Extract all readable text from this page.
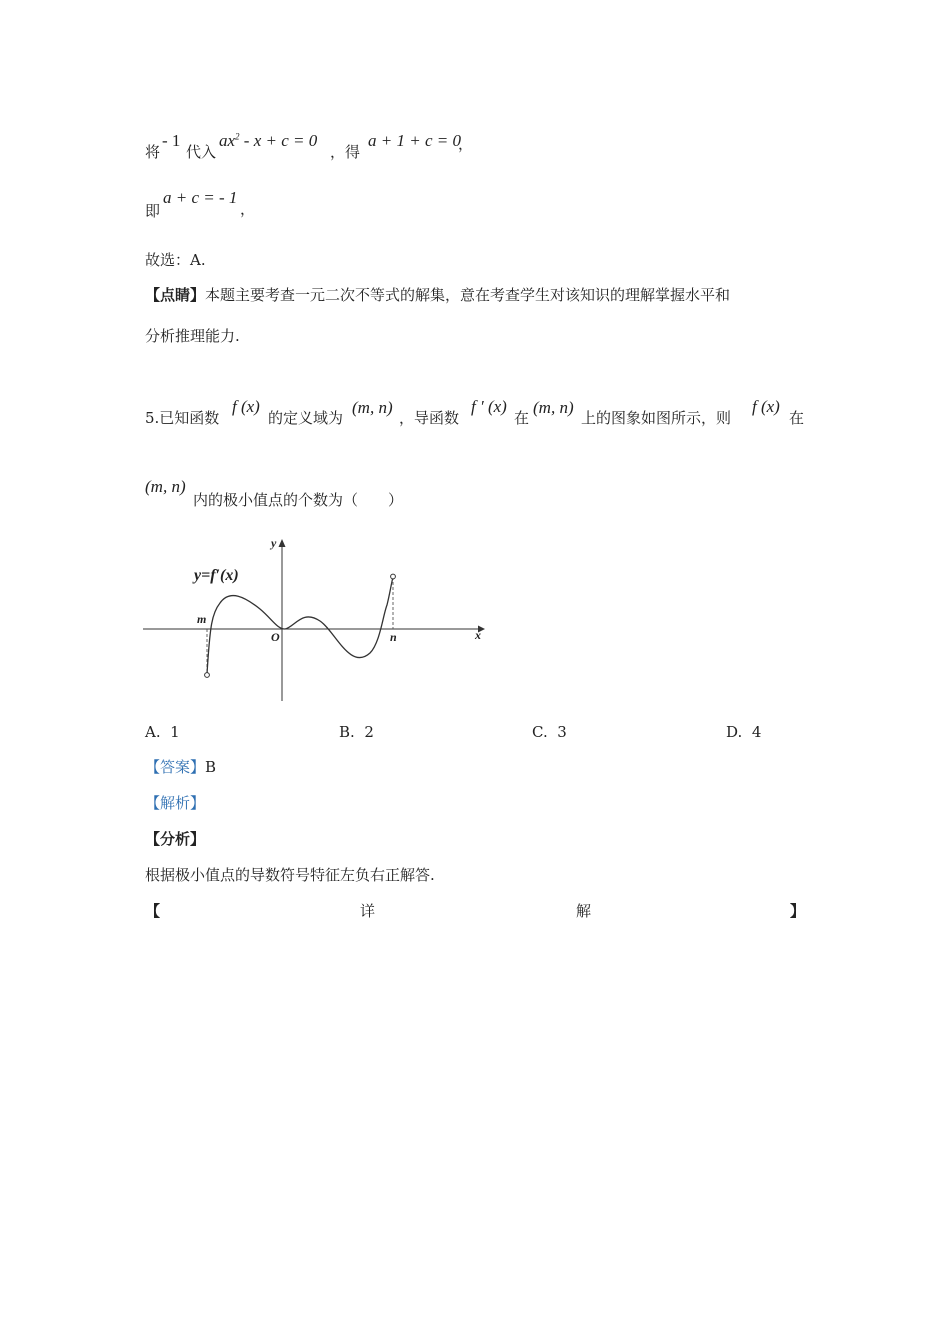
将
- 1
代入
$ax^2 - x + c = 0$
，得
a + 1 + c = 0
，
即
a + c = - 1
，
故选：A.
【点睛】本题主要考查一元二次不等式的解集，意在考查学生对该知识的理解掌握水平和
分析推理能力.
5.已知函数
f (x)
的定义域为
(m, n)
，导函数
f ′ (x)
在
(m, n)
上的图象如图所示，则
f (x)
在
(m, n)
内的极小值点的个数为（　　）
y=f′(x)
y
x
O
m
n
A. 1	B. 2	C. 3	D. 4
【答案】B
【解析】
【分析】
根据极小值点的导数符号特征左负右正解答.
【	详	解	】
